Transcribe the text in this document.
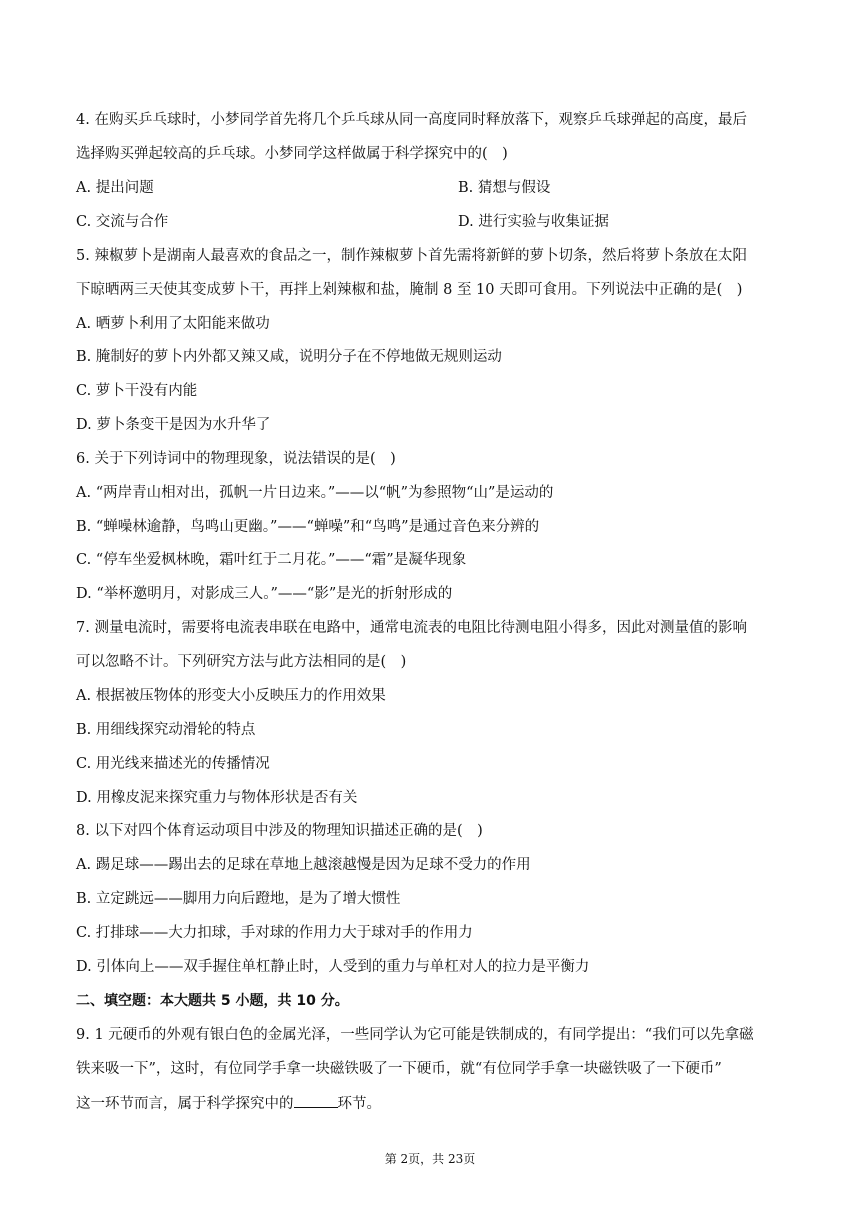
4. 在购买乒乓球时，小梦同学首先将几个乒乓球从同一高度同时释放落下，观察乒乓球弹起的高度，最后
选择购买弹起较高的乒乓球。小梦同学这样做属于科学探究中的(　)
A. 提出问题	B. 猜想与假设
C. 交流与合作	D. 进行实验与收集证据
5. 辣椒萝卜是湖南人最喜欢的食品之一，制作辣椒萝卜首先需将新鲜的萝卜切条，然后将萝卜条放在太阳
下晾晒两三天使其变成萝卜干，再拌上剁辣椒和盐，腌制 8 至 10 天即可食用。下列说法中正确的是(　)
A. 晒萝卜利用了太阳能来做功
B. 腌制好的萝卜内外都又辣又咸，说明分子在不停地做无规则运动
C. 萝卜干没有内能
D. 萝卜条变干是因为水升华了
6. 关于下列诗词中的物理现象，说法错误的是(　)
A. “两岸青山相对出，孤帆一片日边来。”——以“帆”为参照物“山”是运动的
B. “蝉噪林逾静，鸟鸣山更幽。”——“蝉噪”和“鸟鸣”是通过音色来分辨的
C. “停车坐爱枫林晚，霜叶红于二月花。”——“霜”是凝华现象
D. “举杯邀明月，对影成三人。”——“影”是光的折射形成的
7. 测量电流时，需要将电流表串联在电路中，通常电流表的电阻比待测电阻小得多，因此对测量值的影响
可以忽略不计。下列研究方法与此方法相同的是(　)
A. 根据被压物体的形变大小反映压力的作用效果
B. 用细线探究动滑轮的特点
C. 用光线来描述光的传播情况
D. 用橡皮泥来探究重力与物体形状是否有关
8. 以下对四个体育运动项目中涉及的物理知识描述正确的是(　)
A. 踢足球——踢出去的足球在草地上越滚越慢是因为足球不受力的作用
B. 立定跳远——脚用力向后蹬地，是为了增大惯性
C. 打排球——大力扣球，手对球的作用力大于球对手的作用力
D. 引体向上——双手握住单杠静止时，人受到的重力与单杠对人的拉力是平衡力
二、填空题：本大题共 5 小题，共 10 分。
9. 1 元硬币的外观有银白色的金属光泽，一些同学认为它可能是铁制成的，有同学提出：“我们可以先拿磁
铁来吸一下”，这时，有位同学手拿一块磁铁吸了一下硬币，就“有位同学手拿一块磁铁吸了一下硬币”
这一环节而言，属于科学探究中的	环节。
第 2页，共 23页
